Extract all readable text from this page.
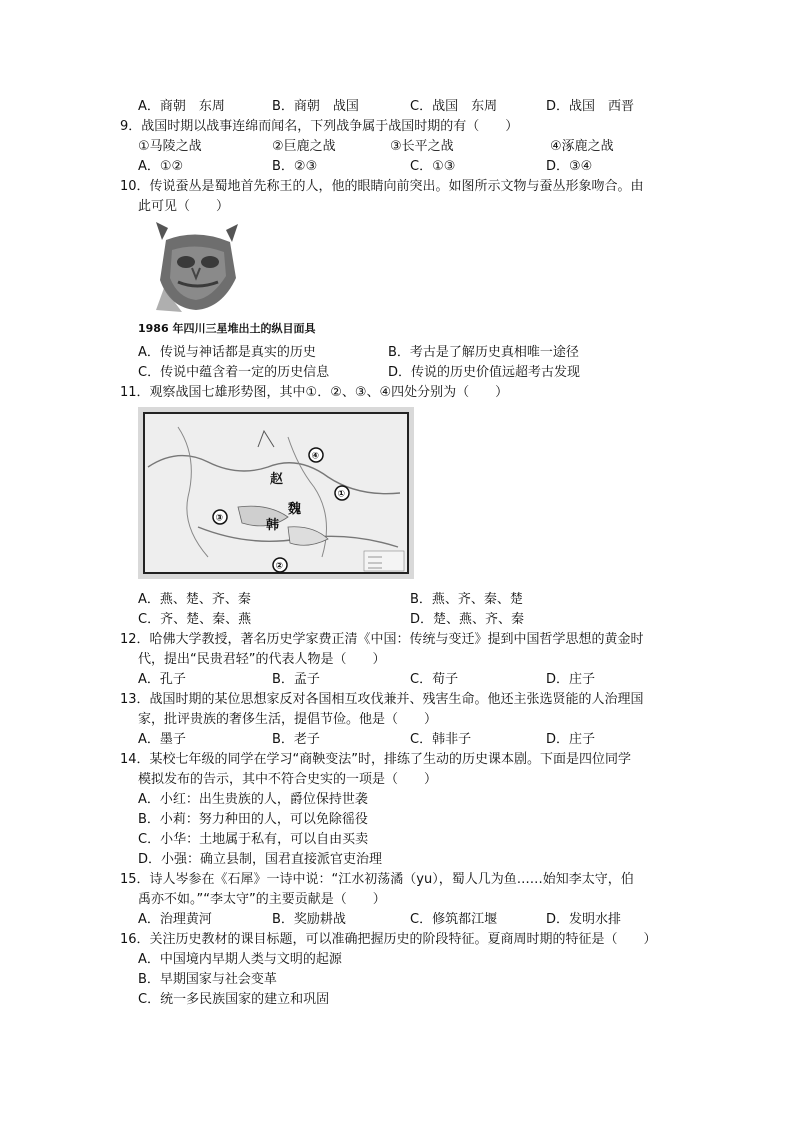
A．商朝　东周	B．商朝　战国	C．战国　东周	D．战国　西晋
9．战国时期以战事连绵而闻名，下列战争属于战国时期的有（　　）
①马陵之战	②巨鹿之战	③长平之战	④涿鹿之战
A．①②	B．②③	C．①③	D．③④
10．传说蚕丛是蜀地首先称王的人，他的眼睛向前突出。如图所示文物与蚕丛形象吻合。由
此可见（　　）
1986 年四川三星堆出土的纵目面具
A．传说与神话都是真实的历史	B．考古是了解历史真相唯一途径
C．传说中蕴含着一定的历史信息	D．传说的历史价值远超考古发现
11．观察战国七雄形势图，其中①．②、③、④四处分别为（　　）
赵
魏
韩
④
①
③
②
A．燕、楚、齐、秦	B．燕、齐、秦、楚
C．齐、楚、秦、燕	D．楚、燕、齐、秦
12．哈佛大学教授，著名历史学家费正清《中国：传统与变迁》提到中国哲学思想的黄金时
代，提出“民贵君轻”的代表人物是（　　）
A．孔子	B．孟子	C．荀子	D．庄子
13．战国时期的某位思想家反对各国相互攻伐兼并、残害生命。他还主张选贤能的人治理国
家，批评贵族的奢侈生活，提倡节俭。他是（　　）
A．墨子	B．老子	C．韩非子	D．庄子
14．某校七年级的同学在学习“商鞅变法”时，排练了生动的历史课本剧。下面是四位同学
模拟发布的告示，其中不符合史实的一项是（　　）
A．小红：出生贵族的人，爵位保持世袭
B．小莉：努力种田的人，可以免除徭役
C．小华：土地属于私有，可以自由买卖
D．小强：确立县制，国君直接派官吏治理
15．诗人岑参在《石犀》一诗中说：“江水初荡潏（yu），蜀人几为鱼……始知李太守，伯
禹亦不如。”“李太守”的主要贡献是（　　）
A．治理黄河	B．奖励耕战	C．修筑都江堰	D．发明水排
16．关注历史教材的课目标题，可以准确把握历史的阶段特征。夏商周时期的特征是（　　）
A．中国境内早期人类与文明的起源
B．早期国家与社会变革
C．统一多民族国家的建立和巩固
